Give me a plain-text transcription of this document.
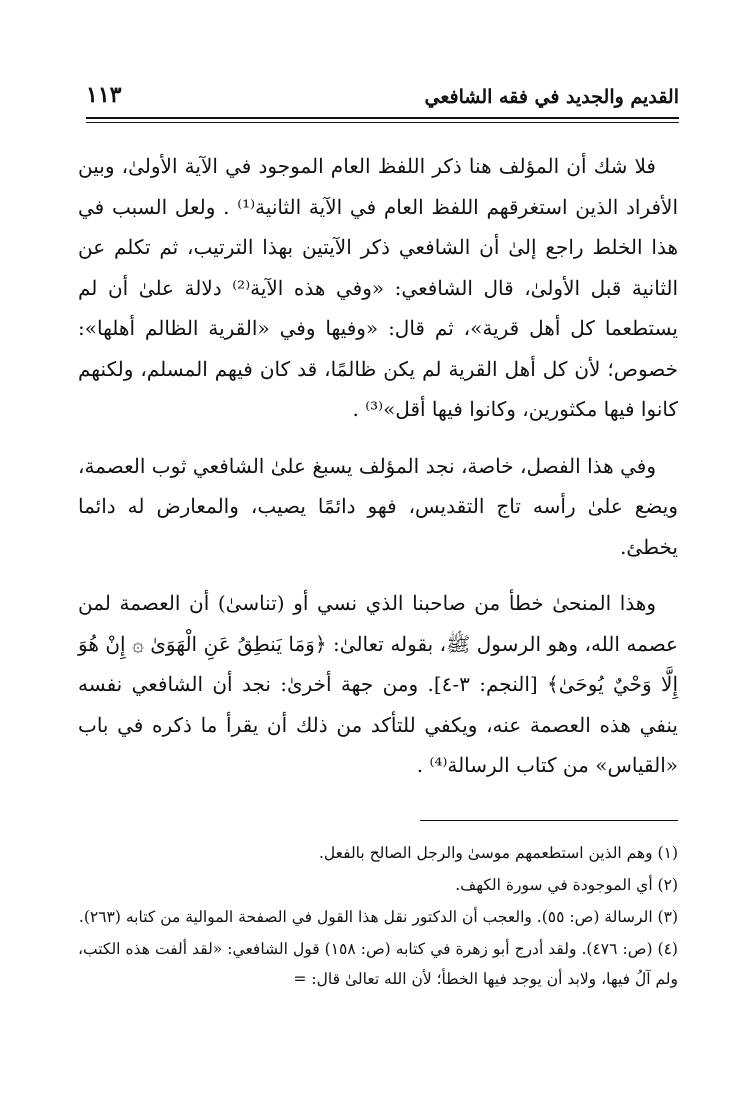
القديم والجديد في فقه الشافعي
١١٣

فلا شك أن المؤلف هنا ذكر اللفظ العام الموجود في الآية الأولىٰ، وبين الأفراد الذين استغرقهم اللفظ العام في الآية الثانية⁽¹⁾ . ولعل السبب في هذا الخلط راجع إلىٰ أن الشافعي ذكر الآيتين بهذا الترتيب، ثم تكلم عن الثانية قبل الأولىٰ، قال الشافعي: «وفي هذه الآية⁽²⁾ دلالة علىٰ أن لم يستطعما كل أهل قرية»، ثم قال: «وفيها وفي «القرية الظالم أهلها»: خصوص؛ لأن كل أهل القرية لم يكن ظالمًا، قد كان فيهم المسلم، ولكنهم كانوا فيها مكثورين، وكانوا فيها أقل»⁽³⁾ .

وفي هذا الفصل، خاصة، نجد المؤلف يسبغ علىٰ الشافعي ثوب العصمة، ويضع علىٰ رأسه تاج التقديس، فهو دائمًا يصيب، والمعارض له دائما يخطئ.

وهذا المنحىٰ خطأ من صاحبنا الذي نسي أو (تناسىٰ) أن العصمة لمن عصمه الله، وهو الرسول ﷺ، بقوله تعالىٰ: ﴿وَمَا يَنطِقُ عَنِ الْهَوَىٰ ۞ إِنْ هُوَ إِلَّا وَحْيٌ يُوحَىٰ﴾ [النجم: ٣-٤]. ومن جهة أخرىٰ: نجد أن الشافعي نفسه ينفي هذه العصمة عنه، ويكفي للتأكد من ذلك أن يقرأ ما ذكره في باب «القياس» من كتاب الرسالة⁽⁴⁾ .

(١) وهم الذين استطعمهم موسىٰ والرجل الصالح بالفعل.

(٢) أي الموجودة في سورة الكهف.

(٣) الرسالة (ص: ٥٥). والعجب أن الدكتور نقل هذا القول في الصفحة الموالية من كتابه (٢٦٣).

(٤) (ص: ٤٧٦). ولقد أدرج أبو زهرة في كتابه (ص: ١٥٨) قول الشافعي: «لقد ألفت هذه الكتب، ولم آلُ فيها، ولابد أن يوجد فيها الخطأ؛ لأن الله تعالىٰ قال: =
